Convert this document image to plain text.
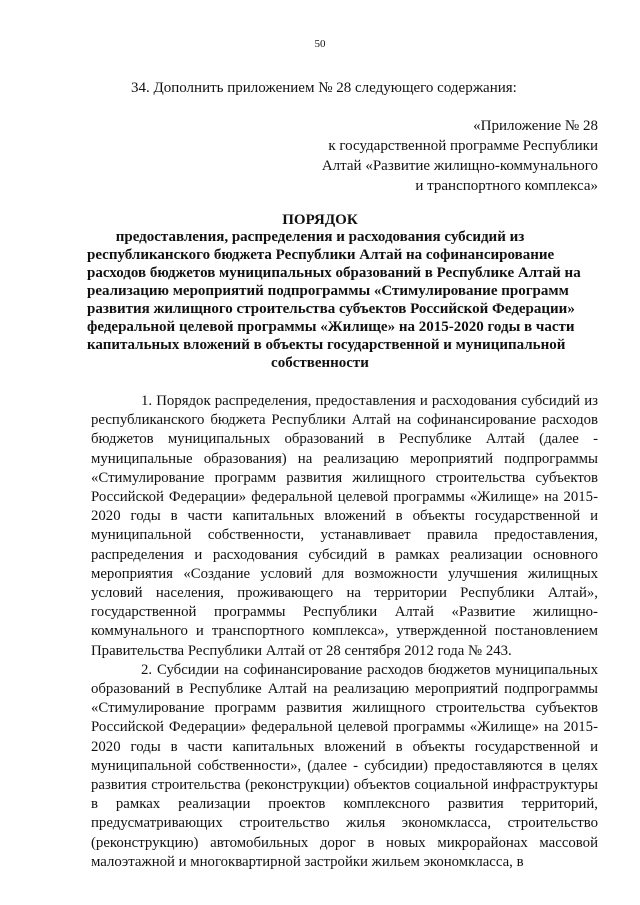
50
34. Дополнить приложением № 28 следующего содержания:
«Приложение № 28
к государственной программе Республики
Алтай «Развитие жилищно-коммунального
и транспортного комплекса»
ПОРЯДОК
предоставления, распределения и расходования субсидий из
республиканского бюджета Республики Алтай на софинансирование
расходов бюджетов муниципальных образований в Республике Алтай на
реализацию мероприятий подпрограммы «Стимулирование программ
развития жилищного строительства субъектов Российской Федерации»
федеральной целевой программы «Жилище» на 2015-2020 годы в части
капитальных вложений в объекты государственной и муниципальной
собственности

1. Порядок распределения, предоставления и расходования субсидий из республиканского бюджета Республики Алтай на софинансирование расходов бюджетов муниципальных образований в Республике Алтай (далее - муниципальные образования) на реализацию мероприятий подпрограммы «Стимулирование программ развития жилищного строительства субъектов Российской Федерации» федеральной целевой программы «Жилище» на 2015-2020 годы в части капитальных вложений в объекты государственной и муниципальной собственности, устанавливает правила предоставления, распределения и расходования субсидий в рамках реализации основного мероприятия «Создание условий для возможности улучшения жилищных условий населения, проживающего на территории Республики Алтай», государственной программы Республики Алтай «Развитие жилищно-коммунального и транспортного комплекса», утвержденной постановлением Правительства Республики Алтай от 28 сентября 2012 года № 243.

2. Субсидии на софинансирование расходов бюджетов муниципальных образований в Республике Алтай на реализацию мероприятий подпрограммы «Стимулирование программ развития жилищного строительства субъектов Российской Федерации» федеральной целевой программы «Жилище» на 2015-2020 годы в части капитальных вложений в объекты государственной и муниципальной собственности», (далее - субсидии) предоставляются в целях развития строительства (реконструкции) объектов социальной инфраструктуры в рамках реализации проектов комплексного развития территорий, предусматривающих строительство жилья экономкласса, строительство (реконструкцию) автомобильных дорог в новых микрорайонах массовой малоэтажной и многоквартирной застройки жильем экономкласса, в
